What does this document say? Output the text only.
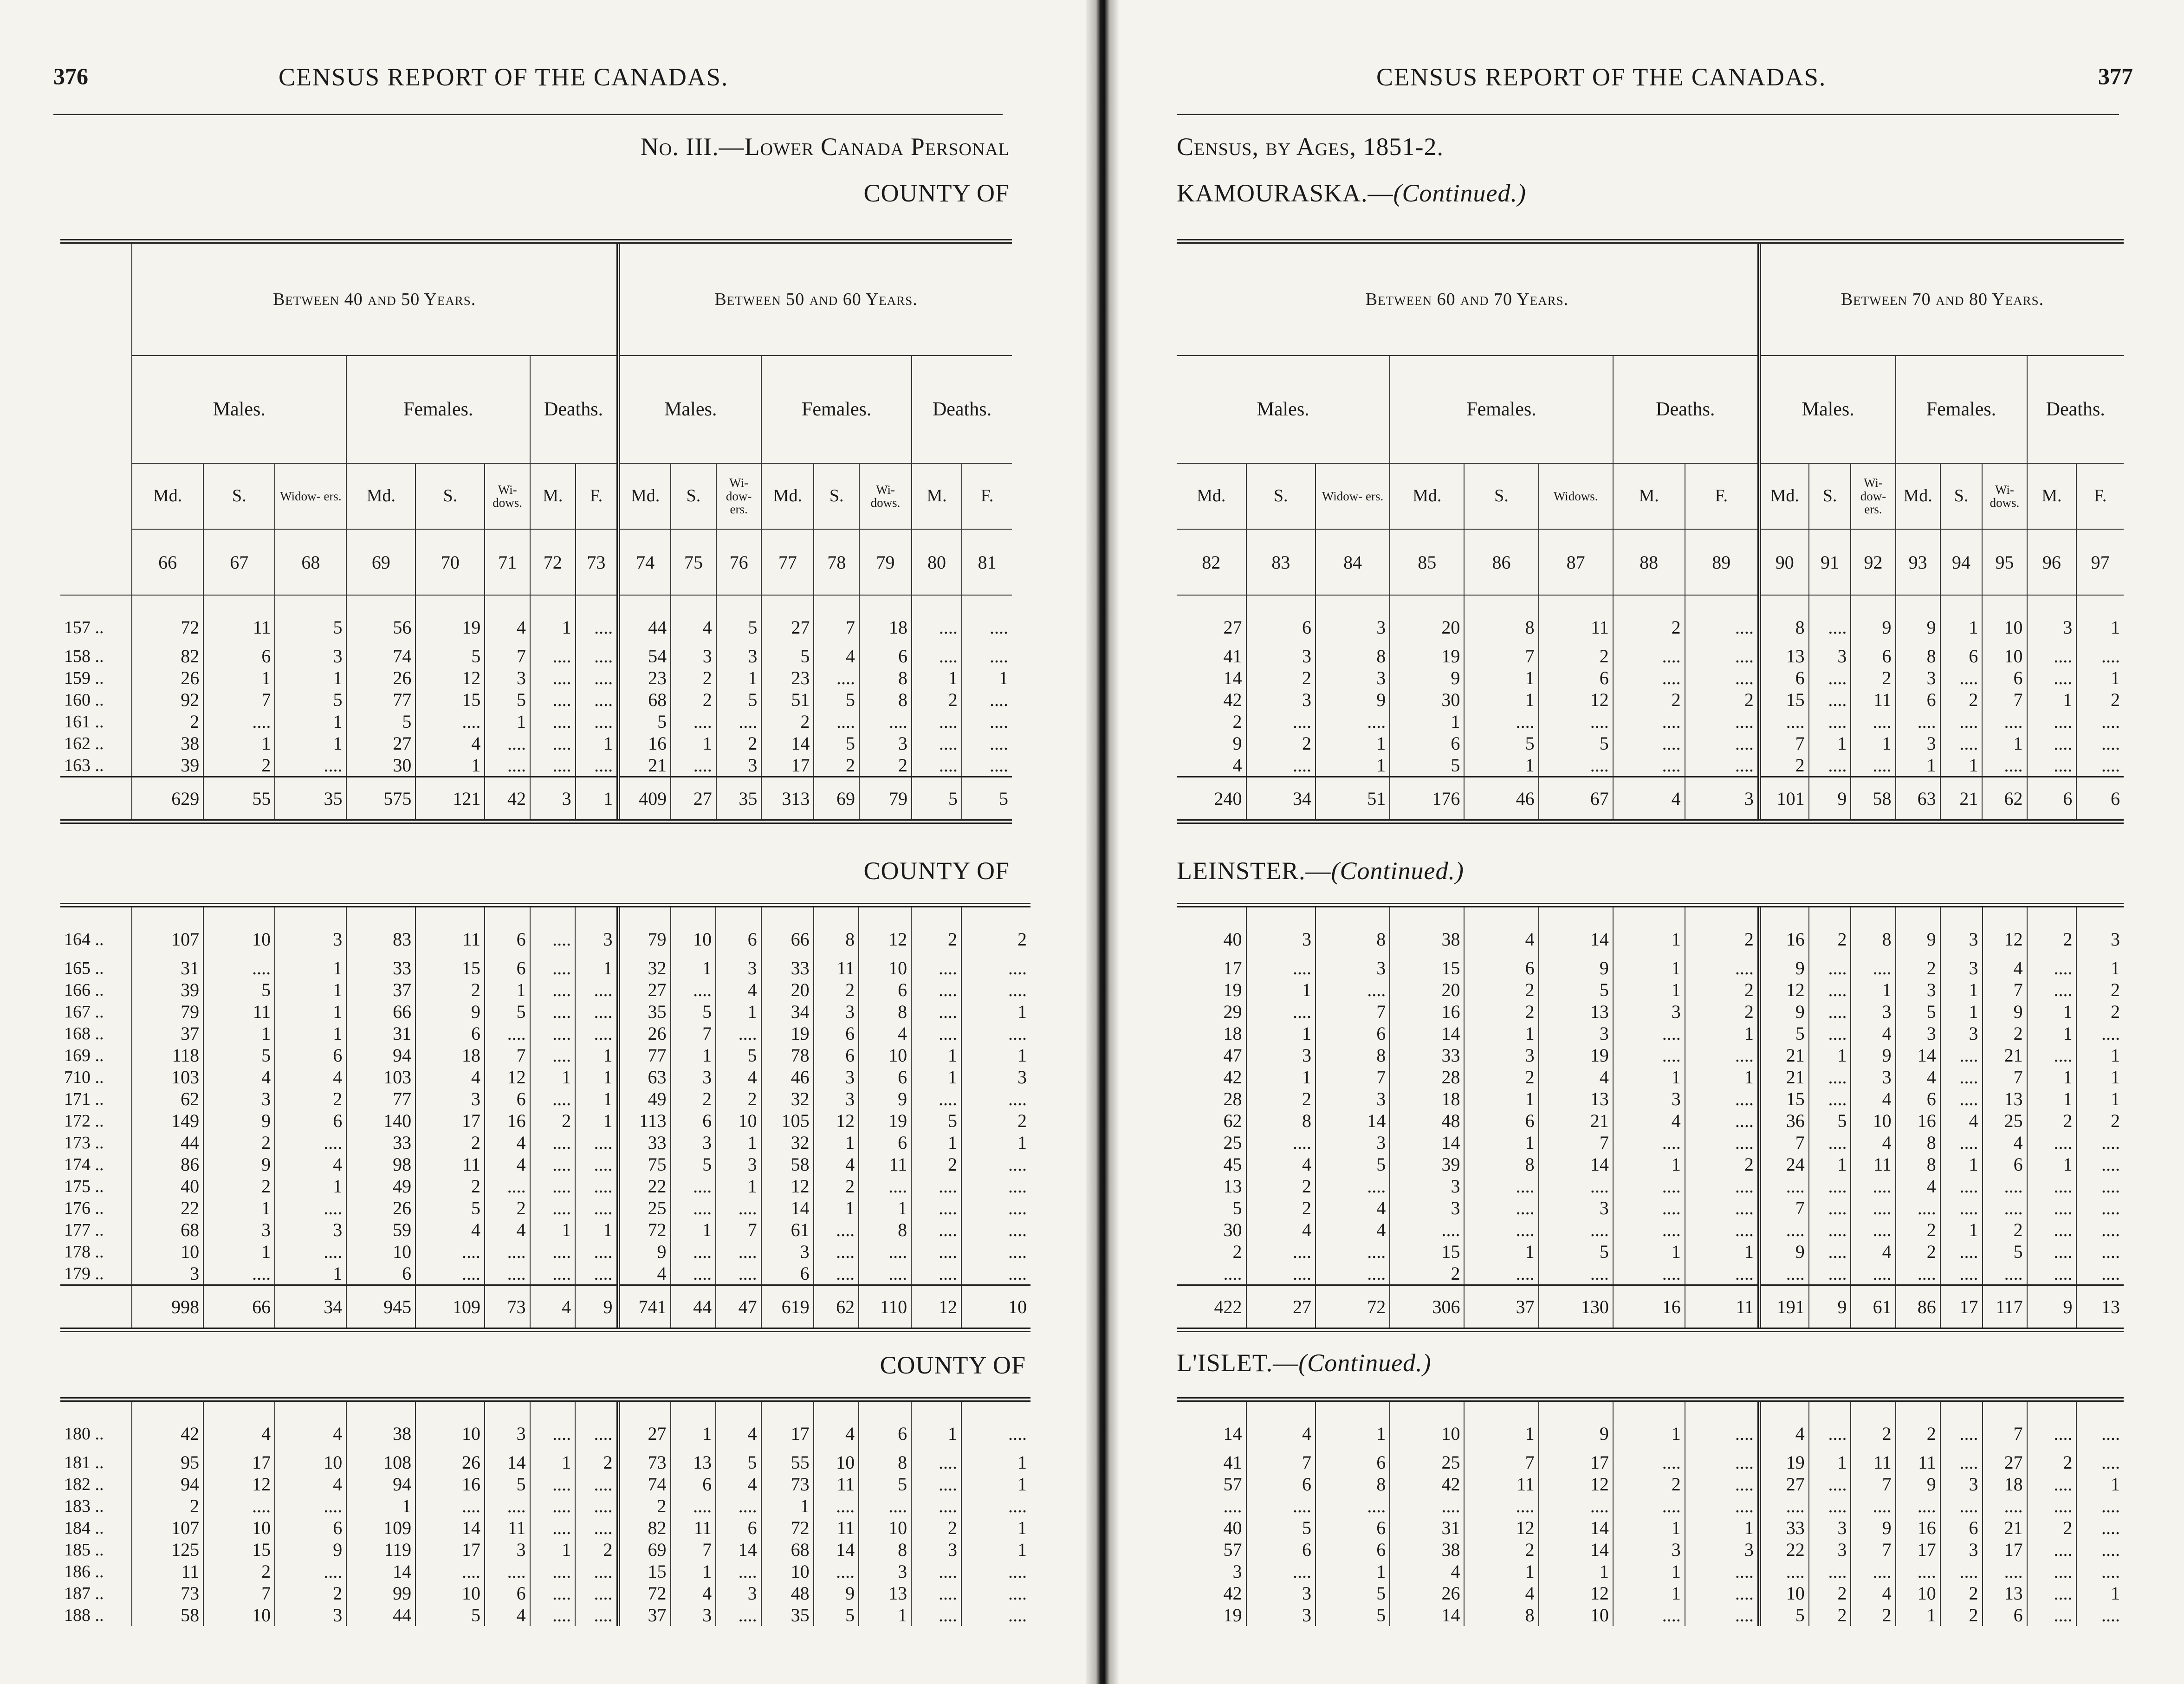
376	CENSUS REPORT OF THE CANADAS.
No. III.—Lower Canada Personal
COUNTY OF
	Between 40 and 50 Years.								Between 50 and 60 Years.							
	Males.			Females.			Deaths.		Males.			Females.			Deaths.	
	Md.	S.	Widow- ers.	Md.	S.	Wi- dows.	M.	F.	Md.	S.	Wi- dow- ers.	Md.	S.	Wi- dows.	M.	F.
	66	67	68	69	70	71	72	73	74	75	76	77	78	79	80	81
157 ..	72	11	5	56	19	4	1	....	44	4	5	27	7	18	....	....
158 ..	82	6	3	74	5	7	....	....	54	3	3	5	4	6	....	....
159 ..	26	1	1	26	12	3	....	....	23	2	1	23	....	8	1	1
160 ..	92	7	5	77	15	5	....	....	68	2	5	51	5	8	2	....
161 ..	2	....	1	5	....	1	....	....	5	....	....	2	....	....	....	....
162 ..	38	1	1	27	4	....	....	1	16	1	2	14	5	3	....	....
163 ..	39	2	....	30	1	....	....	....	21	....	3	17	2	2	....	....
	629	55	35	575	121	42	3	1	409	27	35	313	69	79	5	5
COUNTY OF
164 ..	107	10	3	83	11	6	....	3	79	10	6	66	8	12	2	2
165 ..	31	....	1	33	15	6	....	1	32	1	3	33	11	10	....	....
166 ..	39	5	1	37	2	1	....	....	27	....	4	20	2	6	....	....
167 ..	79	11	1	66	9	5	....	....	35	5	1	34	3	8	....	1
168 ..	37	1	1	31	6	....	....	....	26	7	....	19	6	4	....	....
169 ..	118	5	6	94	18	7	....	1	77	1	5	78	6	10	1	1
710 ..	103	4	4	103	4	12	1	1	63	3	4	46	3	6	1	3
171 ..	62	3	2	77	3	6	....	1	49	2	2	32	3	9	....	....
172 ..	149	9	6	140	17	16	2	1	113	6	10	105	12	19	5	2
173 ..	44	2	....	33	2	4	....	....	33	3	1	32	1	6	1	1
174 ..	86	9	4	98	11	4	....	....	75	5	3	58	4	11	2	....
175 ..	40	2	1	49	2	....	....	....	22	....	1	12	2	....	....	....
176 ..	22	1	....	26	5	2	....	....	25	....	....	14	1	1	....	....
177 ..	68	3	3	59	4	4	1	1	72	1	7	61	....	8	....	....
178 ..	10	1	....	10	....	....	....	....	9	....	....	3	....	....	....	....
179 ..	3	....	1	6	....	....	....	....	4	....	....	6	....	....	....	....
	998	66	34	945	109	73	4	9	741	44	47	619	62	110	12	10
COUNTY OF
180 ..	42	4	4	38	10	3	....	....	27	1	4	17	4	6	1	....
181 ..	95	17	10	108	26	14	1	2	73	13	5	55	10	8	....	1
182 ..	94	12	4	94	16	5	....	....	74	6	4	73	11	5	....	1
183 ..	2	....	....	1	....	....	....	....	2	....	....	1	....	....	....	....
184 ..	107	10	6	109	14	11	....	....	82	11	6	72	11	10	2	1
185 ..	125	15	9	119	17	3	1	2	69	7	14	68	14	8	3	1
186 ..	11	2	....	14	....	....	....	....	15	1	....	10	....	3	....	....
187 ..	73	7	2	99	10	6	....	....	72	4	3	48	9	13	....	....
188 ..	58	10	3	44	5	4	....	....	37	3	....	35	5	1	....	....
CENSUS REPORT OF THE CANADAS.	377
Census, by Ages, 1851-2.
KAMOURASKA.—(Continued.)
Between 60 and 70 Years.								Between 70 and 80 Years.							
Males.			Females.			Deaths.		Males.			Females.			Deaths.	
Md.	S.	Widow- ers.	Md.	S.	Widows.	M.	F.	Md.	S.	Wi- dow- ers.	Md.	S.	Wi- dows.	M.	F.
82	83	84	85	86	87	88	89	90	91	92	93	94	95	96	97
27	6	3	20	8	11	2	....	8	....	9	9	1	10	3	1
41	3	8	19	7	2	....	....	13	3	6	8	6	10	....	....
14	2	3	9	1	6	....	....	6	....	2	3	....	6	....	1
42	3	9	30	1	12	2	2	15	....	11	6	2	7	1	2
2	....	....	1	....	....	....	....	....	....	....	....	....	....	....	....
9	2	1	6	5	5	....	....	7	1	1	3	....	1	....	....
4	....	1	5	1	....	....	....	2	....	....	1	1	....	....	....
240	34	51	176	46	67	4	3	101	9	58	63	21	62	6	6
LEINSTER.—(Continued.)
40	3	8	38	4	14	1	2	16	2	8	9	3	12	2	3
17	....	3	15	6	9	1	....	9	....	....	2	3	4	....	1
19	1	....	20	2	5	1	2	12	....	1	3	1	7	....	2
29	....	7	16	2	13	3	2	9	....	3	5	1	9	1	2
18	1	6	14	1	3	....	1	5	....	4	3	3	2	1	....
47	3	8	33	3	19	....	....	21	1	9	14	....	21	....	1
42	1	7	28	2	4	1	1	21	....	3	4	....	7	1	1
28	2	3	18	1	13	3	....	15	....	4	6	....	13	1	1
62	8	14	48	6	21	4	....	36	5	10	16	4	25	2	2
25	....	3	14	1	7	....	....	7	....	4	8	....	4	....	....
45	4	5	39	8	14	1	2	24	1	11	8	1	6	1	....
13	2	....	3	....	....	....	....	....	....	....	4	....	....	....	....
5	2	4	3	....	3	....	....	7	....	....	....	....	....	....	....
30	4	4	....	....	....	....	....	....	....	....	2	1	2	....	....
2	....	....	15	1	5	1	1	9	....	4	2	....	5	....	....
....	....	....	2	....	....	....	....	....	....	....	....	....	....	....	....
422	27	72	306	37	130	16	11	191	9	61	86	17	117	9	13
L'ISLET.—(Continued.)
14	4	1	10	1	9	1	....	4	....	2	2	....	7	....	....
41	7	6	25	7	17	....	....	19	1	11	11	....	27	2	....
57	6	8	42	11	12	2	....	27	....	7	9	3	18	....	1
....	....	....	....	....	....	....	....	....	....	....	....	....	....	....	....
40	5	6	31	12	14	1	1	33	3	9	16	6	21	2	....
57	6	6	38	2	14	3	3	22	3	7	17	3	17	....	....
3	....	1	4	1	1	1	....	....	....	....	....	....	....	....	....
42	3	5	26	4	12	1	....	10	2	4	10	2	13	....	1
19	3	5	14	8	10	....	....	5	2	2	1	2	6	....	....
